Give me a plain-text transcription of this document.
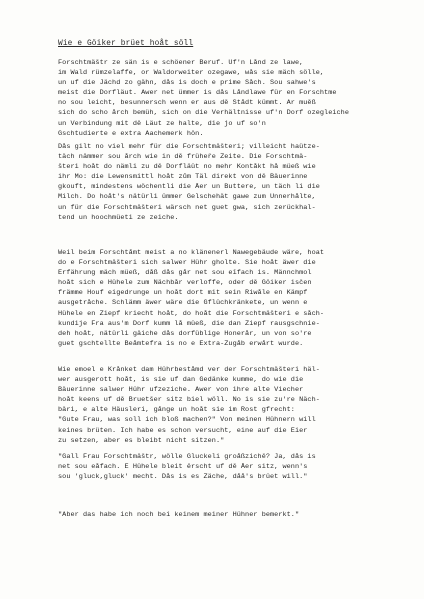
Wie e Göiker brüet hoåt söll
Forschtmäštr ze sän is e schöener Beruf. Uf'n Lånd ze lawe,
im Wald rümzelaffe, or Waldorweiter ozegawe, wås sie mäch sölle,
un uf die Jächd zo gähn, dås is doch e prime Såch. Sou sahwe's
meist die Dorfläut. Awer net ümmer is dås Låndlawe für en Forschtme
no sou leicht, besunnersch wenn er aus dě Stådt kümmt. Ar muěß
sich do scho årch bemüh, sich on die Verhältnisse uf'n Dorf ozegleiche
un Verbindung mit dě Läut ze halte, die jo uf so'n
Gschtudierte e extra Aachemerk hön.
Dås gilt no viel mehr für die Forschtmäšteri; villeicht haütze-
täch nämmer sou årch wie in dě früheře Zeite. Die Forschtmä-
šteri hoåt do nämli zu dě Dorfläüt no mehr Kontåkt hå müeß wie
ihr Mo: die Lewensmittl hoåt zům Täl direkt von dě Bäuerinne
gkouft, mindestens wöchentli die Äer un Buttere, un täch li die
Milch. Do hoåt's nätürli ümmer Gelschehät gawe zum Unnerhålte,
un für die Forschtmäšteri wärsch net guet gwa, sich zerückhal-
tend un hoochmüeti ze zeiche.
Weil beim Forschtåmt meist a no klänenerl Nawegebäude wäre, hoat
do e Forschtmäšteri sich salwer Hühr gholte. Sie hoåt äwer die
Erfährung mäch müeß, dåß dås går net sou eĭfach is. Männchmol
hoåt sich e Hühele zum Nächbår verloffe, oder dě Göiker isčen
främme Houf eigedrunge un hoåt dort mit sein Riwåle en Kämpf
ausgetråche. Schlämm äwer wäre die Gflüchkränkete, un wenn e
Hühele en Ziepf kriecht hoåt, do hoåt die Forschtmäšteri e såch-
kundije Fra aus'm Dorf kumm lå müeß, die dan Ziepf rausgschnie-
deh hoåt, nätürli gäiche dås dorfüblige Honerår, un von so're
guet gschtellte Beåmtefra is no e Extra-Zugåb erwårt wurde.
Wie emoel e Krånket dam Hührbeståmd ver der Forschtmäšteri häl-
wer ausgerott hoåt, is sie uf dan Gedänke kumme, do wie die
Bäuerinne salwer Hühr ufzeziche. Awer von ihre alte Viecher
hoåt keens uf dě Bruetšer sitz biel wöll. No is sie zu're Näch-
bǎri, e alte Häusleri, gånge un hoåt sie im Rost gfrecht:
"Gute Frau, was soll ich bloß machen?" Von meinen Hühnern will
keines brüten. Ich habe es schon versucht, eine auf die Eier
zu setzen, aber es bleibt nicht sitzen."
"Gall Frau Forschtmäštr, wölle Gluckeli groåßzichě? Ja, dås is
net sou eåfach. E Hühele bleit ërscht uf dě Äer sitz, wenn's
sou 'gluck,gluck' mecht. Dås is es Zäche, dåå's brüet will."
"Aber das habe ich noch bei keinem meiner Hühner bemerkt."
